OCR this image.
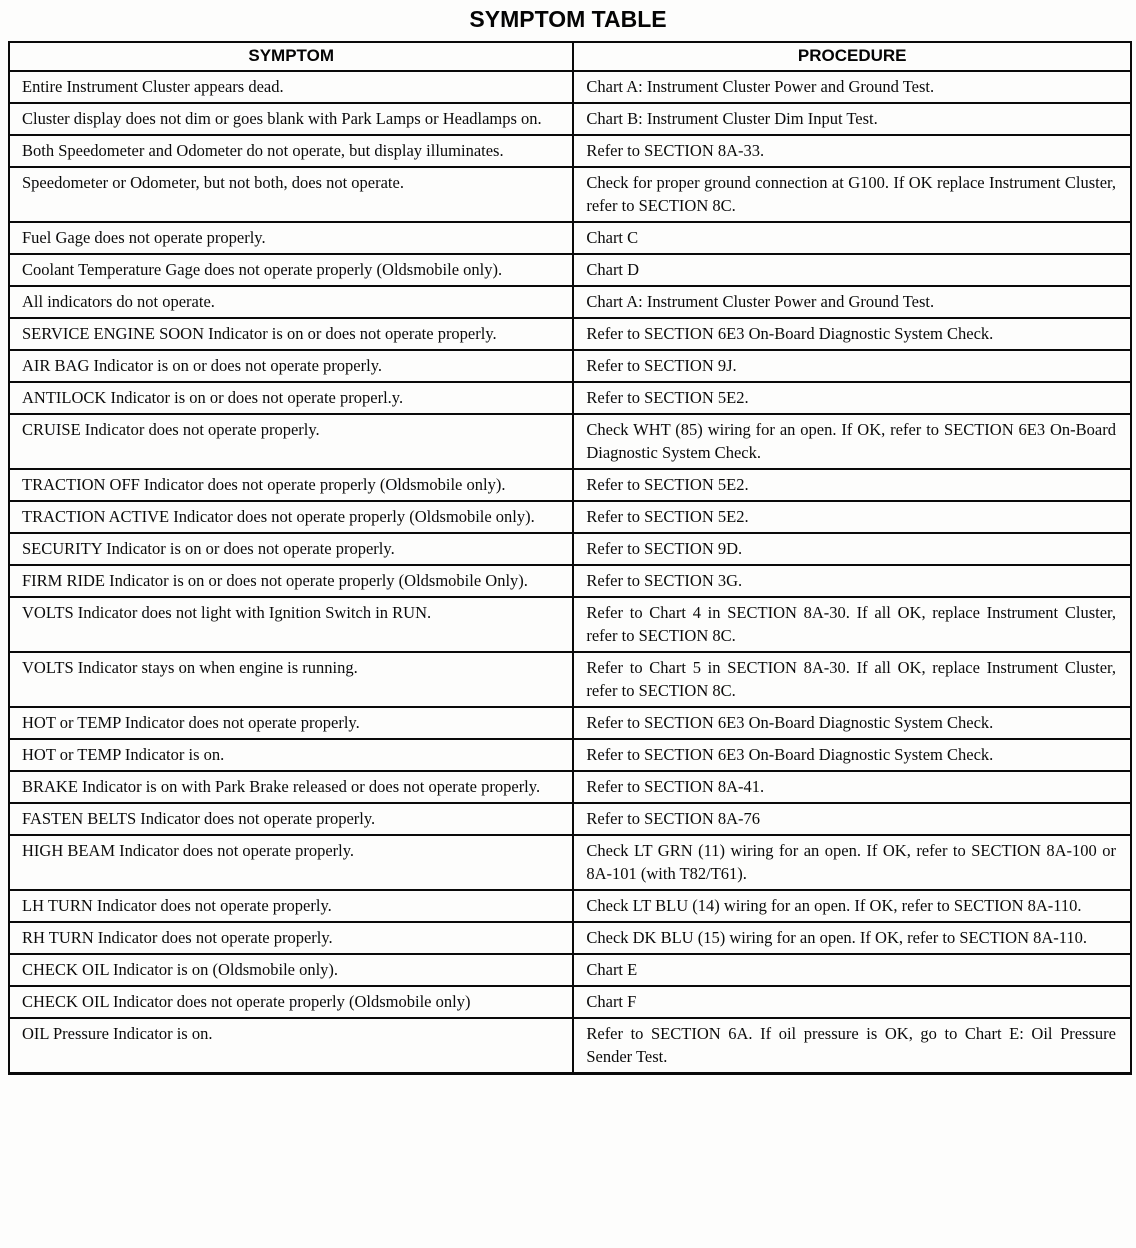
SYMPTOM TABLE
SYMPTOM	PROCEDURE
Entire Instrument Cluster appears dead.	Chart A: Instrument Cluster Power and Ground Test.
Cluster display does not dim or goes blank with Park Lamps or Headlamps on.	Chart B: Instrument Cluster Dim Input Test.
Both Speedometer and Odometer do not operate, but display illuminates.	Refer to SECTION 8A-33.
Speedometer or Odometer, but not both, does not operate.	Check for proper ground connection at G100. If OK replace Instrument Cluster, refer to SECTION 8C.
Fuel Gage does not operate properly.	Chart C
Coolant Temperature Gage does not operate properly (Oldsmobile only).	Chart D
All indicators do not operate.	Chart A: Instrument Cluster Power and Ground Test.
SERVICE ENGINE SOON Indicator is on or does not operate properly.	Refer to SECTION 6E3 On-Board Diagnostic System Check.
AIR BAG Indicator is on or does not operate properly.	Refer to SECTION 9J.
ANTILOCK Indicator is on or does not operate properl.y.	Refer to SECTION 5E2.
CRUISE Indicator does not operate properly.	Check WHT (85) wiring for an open. If OK, refer to SECTION 6E3 On-Board Diagnostic System Check.
TRACTION OFF Indicator does not operate properly (Oldsmobile only).	Refer to SECTION 5E2.
TRACTION ACTIVE Indicator does not operate properly (Oldsmobile only).	Refer to SECTION 5E2.
SECURITY Indicator is on or does not operate properly.	Refer to SECTION 9D.
FIRM RIDE Indicator is on or does not operate properly (Oldsmobile Only).	Refer to SECTION 3G.
VOLTS Indicator does not light with Ignition Switch in RUN.	Refer to Chart 4 in SECTION 8A-30. If all OK, replace Instrument Cluster, refer to SECTION 8C.
VOLTS Indicator stays on when engine is running.	Refer to Chart 5 in SECTION 8A-30. If all OK, replace Instrument Cluster, refer to SECTION 8C.
HOT or TEMP Indicator does not operate properly.	Refer to SECTION 6E3 On-Board Diagnostic System Check.
HOT or TEMP Indicator is on.	Refer to SECTION 6E3 On-Board Diagnostic System Check.
BRAKE Indicator is on with Park Brake released or does not operate properly.	Refer to SECTION 8A-41.
FASTEN BELTS Indicator does not operate properly.	Refer to SECTION 8A-76
HIGH BEAM Indicator does not operate properly.	Check LT GRN (11) wiring for an open. If OK, refer to SECTION 8A-100 or 8A-101 (with T82/T61).
LH TURN Indicator does not operate properly.	Check LT BLU (14) wiring for an open. If OK, refer to SECTION 8A-110.
RH TURN Indicator does not operate properly.	Check DK BLU (15) wiring for an open. If OK, refer to SECTION 8A-110.
CHECK OIL Indicator is on (Oldsmobile only).	Chart E
CHECK OIL Indicator does not operate properly (Oldsmobile only)	Chart F
OIL Pressure Indicator is on.	Refer to SECTION 6A. If oil pressure is OK, go to Chart E: Oil Pressure Sender Test.
